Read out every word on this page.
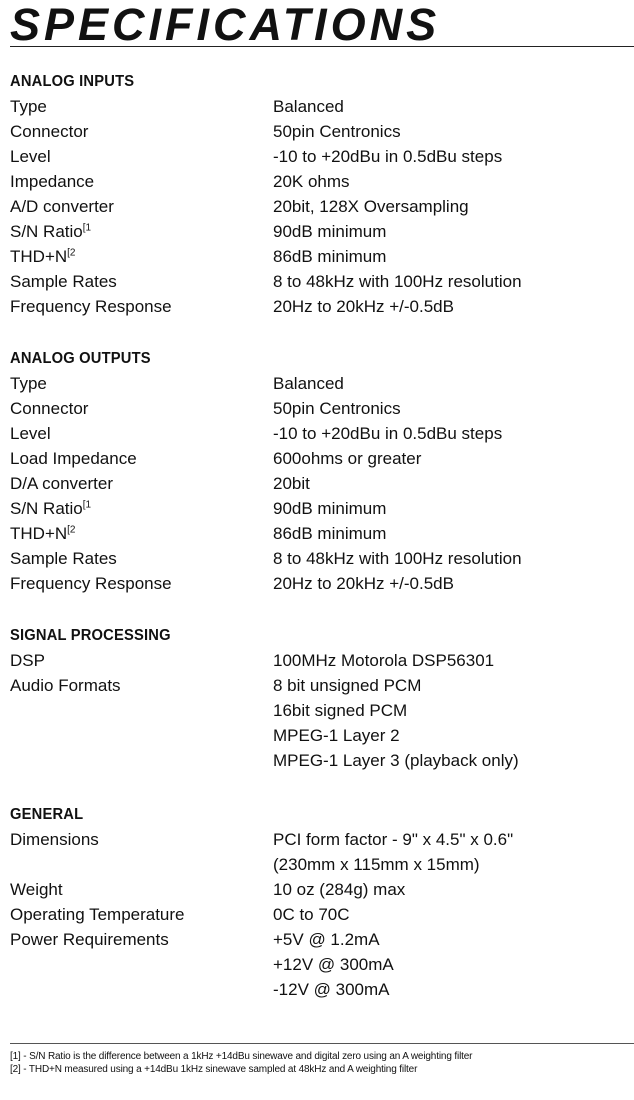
SPECIFICATIONS
ANALOG INPUTS
Type	Balanced
Connector	50pin Centronics
Level	-10 to +20dBu in 0.5dBu steps
Impedance	20K ohms
A/D converter	20bit, 128X Oversampling
S/N Ratio$^{[1}$	90dB minimum
THD+N$^{[2}$	86dB minimum
Sample Rates	8 to 48kHz with 100Hz resolution
Frequency Response	20Hz to 20kHz +/-0.5dB
ANALOG OUTPUTS
Type	Balanced
Connector	50pin Centronics
Level	-10 to +20dBu in 0.5dBu steps
Load Impedance	600ohms or greater
D/A converter	20bit
S/N Ratio$^{[1}$	90dB minimum
THD+N$^{[2}$	86dB minimum
Sample Rates	8 to 48kHz with 100Hz resolution
Frequency Response	20Hz to 20kHz +/-0.5dB
SIGNAL PROCESSING
DSP	100MHz Motorola DSP56301
Audio Formats	8 bit unsigned PCM
16bit signed PCM
MPEG-1 Layer 2
MPEG-1 Layer 3 (playback only)
GENERAL
Dimensions	PCI form factor - 9" x 4.5" x 0.6"
(230mm x 115mm x 15mm)
Weight	10 oz (284g) max
Operating Temperature	0C to 70C
Power Requirements	+5V @ 1.2mA
+12V @ 300mA
-12V @ 300mA
[1] - S/N Ratio is the difference between a 1kHz +14dBu sinewave and digital zero using an A weighting filter
[2] - THD+N measured using a +14dBu 1kHz sinewave sampled at 48kHz and A weighting filter
